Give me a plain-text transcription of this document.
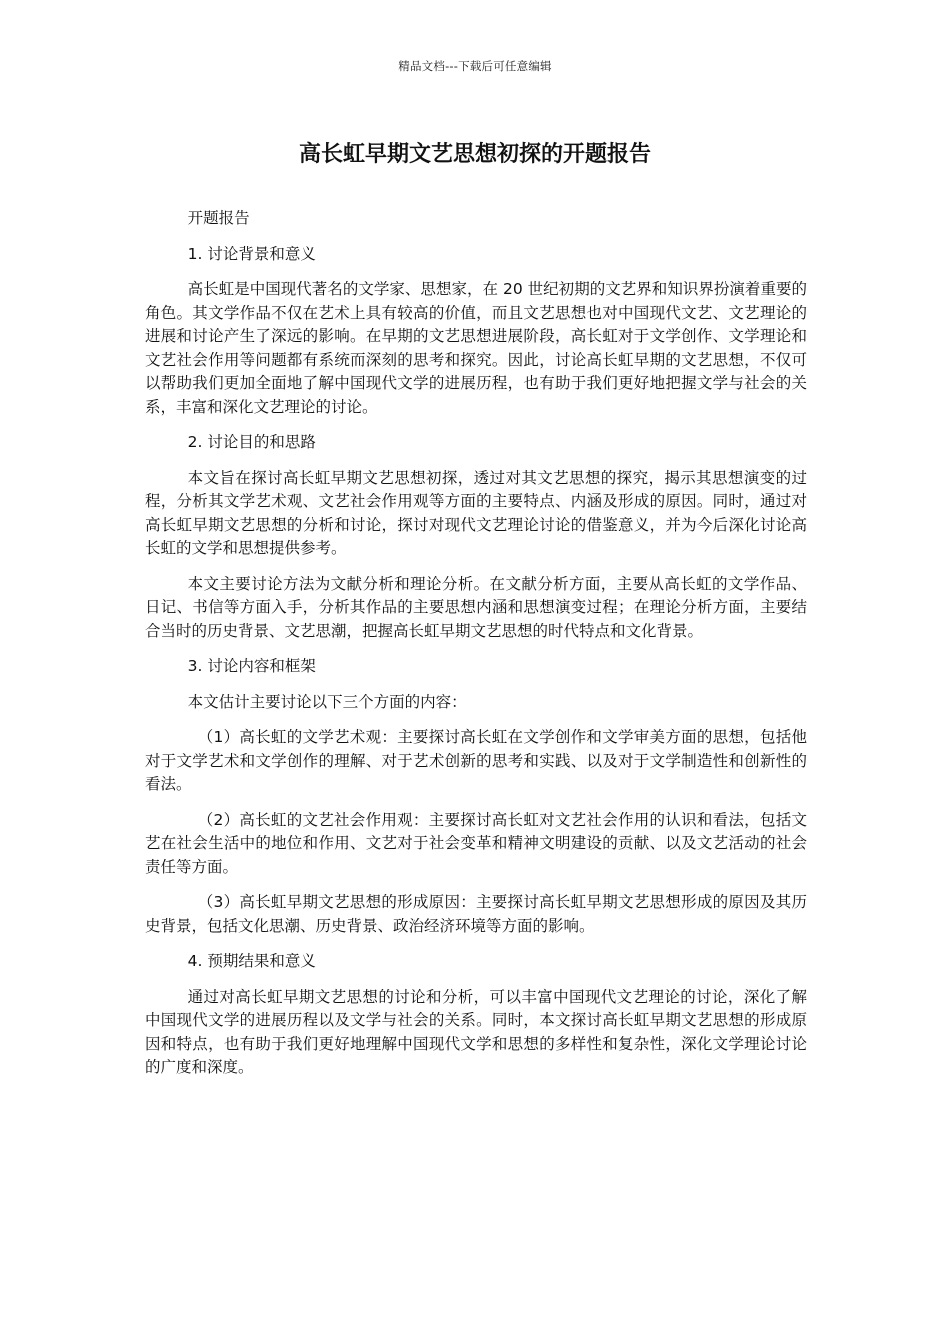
精品文档---下载后可任意编辑
高长虹早期文艺思想初探的开题报告

开题报告

1. 讨论背景和意义

高长虹是中国现代著名的文学家、思想家，在 20 世纪初期的文艺界和知识界扮演着重要的角色。其文学作品不仅在艺术上具有较高的价值，而且文艺思想也对中国现代文艺、文艺理论的进展和讨论产生了深远的影响。在早期的文艺思想进展阶段，高长虹对于文学创作、文学理论和文艺社会作用等问题都有系统而深刻的思考和探究。因此，讨论高长虹早期的文艺思想，不仅可以帮助我们更加全面地了解中国现代文学的进展历程，也有助于我们更好地把握文学与社会的关系，丰富和深化文艺理论的讨论。

2. 讨论目的和思路

本文旨在探讨高长虹早期文艺思想初探，透过对其文艺思想的探究，揭示其思想演变的过程，分析其文学艺术观、文艺社会作用观等方面的主要特点、内涵及形成的原因。同时，通过对高长虹早期文艺思想的分析和讨论，探讨对现代文艺理论讨论的借鉴意义，并为今后深化讨论高长虹的文学和思想提供参考。

本文主要讨论方法为文献分析和理论分析。在文献分析方面，主要从高长虹的文学作品、日记、书信等方面入手，分析其作品的主要思想内涵和思想演变过程；在理论分析方面，主要结合当时的历史背景、文艺思潮，把握高长虹早期文艺思想的时代特点和文化背景。

3. 讨论内容和框架

本文估计主要讨论以下三个方面的内容：

（1）高长虹的文学艺术观：主要探讨高长虹在文学创作和文学审美方面的思想，包括他对于文学艺术和文学创作的理解、对于艺术创新的思考和实践、以及对于文学制造性和创新性的看法。

（2）高长虹的文艺社会作用观：主要探讨高长虹对文艺社会作用的认识和看法，包括文艺在社会生活中的地位和作用、文艺对于社会变革和精神文明建设的贡献、以及文艺活动的社会责任等方面。

（3）高长虹早期文艺思想的形成原因：主要探讨高长虹早期文艺思想形成的原因及其历史背景，包括文化思潮、历史背景、政治经济环境等方面的影响。

4. 预期结果和意义

通过对高长虹早期文艺思想的讨论和分析，可以丰富中国现代文艺理论的讨论，深化了解中国现代文学的进展历程以及文学与社会的关系。同时，本文探讨高长虹早期文艺思想的形成原因和特点，也有助于我们更好地理解中国现代文学和思想的多样性和复杂性，深化文学理论讨论的广度和深度。
